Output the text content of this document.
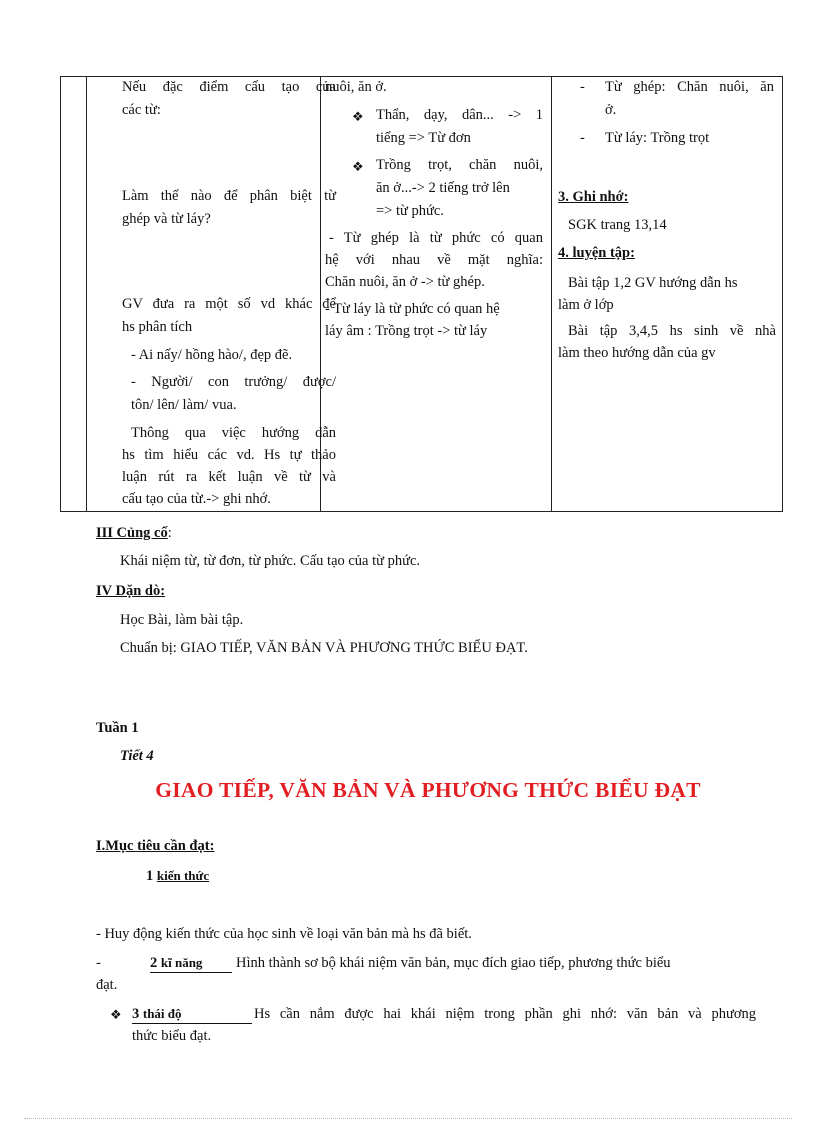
Nếu đặc điểm cấu tạo của
các từ:
Làm thế nào để phân biệt từ
ghép và từ láy?
GV đưa ra một số vd khác để
hs phân tích
- Ai nấy/ hồng hào/, đẹp đẽ.
- Người/ con trưởng/ được/
tôn/ lên/ làm/ vua.
Thông qua việc hướng dẫn
hs tìm hiểu các vd. Hs tự thảo
luận rút ra kết luận về từ và
cấu tạo của từ.-> ghi nhớ.

nuôi, ăn ở.
❖ Thẩn, dạy, dân... -> 1
tiếng => Từ đơn
❖ Trồng trọt, chăn nuôi,
ăn ở...-> 2 tiếng trở lên
=> từ phức.
- Từ ghép là từ phức có quan
hệ với nhau về mặt nghĩa:
Chăn nuôi, ăn ở -> từ ghép.
- Từ láy là từ phức có quan hệ
láy âm : Trồng trọt -> từ láy

- Từ ghép: Chăn nuôi, ăn
ở.
- Từ láy: Trồng trọt
3. Ghi nhớ:
SGK trang 13,14
4. luyện tập:
Bài tập 1,2 GV hướng dẫn hs
làm ở lớp
Bài tập 3,4,5 hs sinh về nhà
làm theo hướng dẫn của gv
III Củng cố:
Khái niệm từ, từ đơn, từ phức. Cấu tạo của từ phức.
IV Dặn dò:
Học Bài, làm bài tập.
Chuẩn bị: GIAO TIẾP, VĂN BẢN VÀ PHƯƠNG THỨC BIỂU ĐẠT.
Tuần 1
Tiết 4
GIAO TIẾP, VĂN BẢN VÀ PHƯƠNG THỨC BIỂU ĐẠT
I.Mục tiêu cần đạt:
1 kiến thức
- Huy động kiến thức của học sinh về loại văn bản mà hs đã biết.
-	2 kĩ năng	Hình thành sơ bộ khái niệm văn bản, mục đích giao tiếp, phương thức biểu
đạt.
❖ 3 thái độ	Hs cần nắm được hai khái niệm trong phần ghi nhớ: văn bản và phương
thức biểu đạt.
